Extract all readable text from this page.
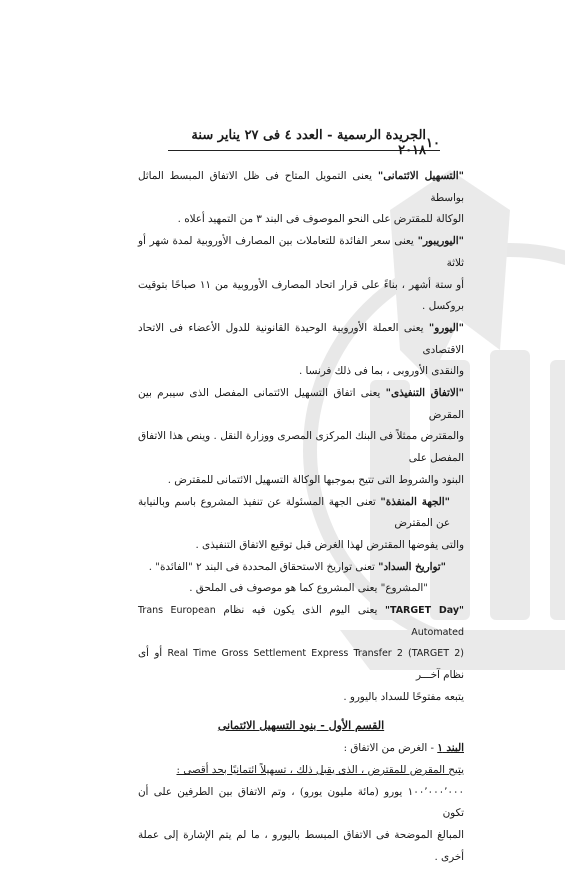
١٠
الجريدة الرسمية - العدد ٤ فى ٢٧ يناير سنة ٢٠١٨

"التسهيل الائتمانى" يعنى التمويل المتاح فى ظل الاتفاق المبسط الماثل بواسطة

الوكالة للمقترض على النحو الموصوف فى البند ٣ من التمهيد أعلاه .

"اليوريبور" يعنى سعر الفائدة للتعاملات بين المصارف الأوروبية لمدة شهر أو ثلاثة

أو ستة أشهر ، بناءً على قرار اتحاد المصارف الأوروبية من ١١ صباحًا بتوقيت بروكسل .

"اليورو" يعنى العملة الأوروبية الوحيدة القانونية للدول الأعضاء فى الاتحاد الاقتصادى

والنقدى الأوروبى ، بما فى ذلك فرنسا .

"الاتفاق التنفيذى" يعنى اتفاق التسهيل الائتمانى المفصل الذى سيبرم بين المقرض

والمقترض ممثلاً فى البنك المركزى المصرى ووزارة النقل . وينص هذا الاتفاق المفصل على

البنود والشروط التى تتيح بموجبها الوكالة التسهيل الائتمانى للمقترض .

"الجهة المنفذة" تعنى الجهة المسئولة عن تنفيذ المشروع باسم وبالنيابة عن المقترض

والتى يفوضها المقترض لهذا الغرض قبل توقيع الاتفاق التنفيذى .

"تواريخ السداد" تعنى تواريخ الاستحقاق المحددة فى البند ٢ "الفائدة" .

"المشروع" يعنى المشروع كما هو موصوف فى الملحق .

"TARGET Day" يعنى اليوم الذى يكون فيه نظام Trans European Automated

Real Time Gross Settlement Express Transfer 2 (TARGET 2) أو أى نظام آخـــر

يتبعه مفتوحًا للسداد باليورو .

القسم الأول - بنود التسهيل الائتمانى

البند ١ - الغرض من الاتفاق :

يتيح المقرض للمقترض ، الذى يقبل ذلك ، تسهيلاً ائتمانيًا بحد أقصى :

١٠٠٬٠٠٠٬٠٠٠ يورو (مائة مليون يورو) ، وتم الاتفاق بين الطرفين على أن تكون

المبالغ الموضحة فى الاتفاق المبسط باليورو ، ما لم يتم الإشارة إلى عملة أخرى .
